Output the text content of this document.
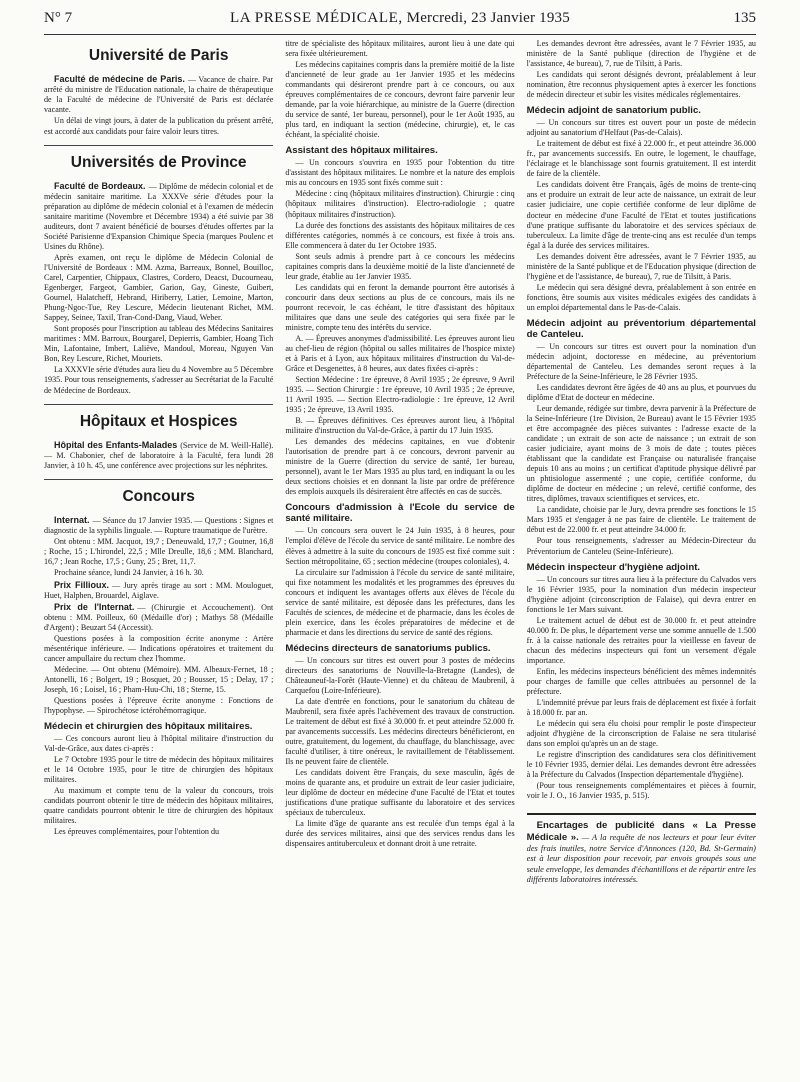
N° 7	LA PRESSE MÉDICALE, Mercredi, 23 Janvier 1935	135
Université de Paris

Faculté de médecine de Paris. — Vacance de chaire. Par arrêté du ministre de l'Education nationale, la chaire de thérapeutique de la Faculté de médecine de l'Université de Paris est déclarée vacante.

Un délai de vingt jours, à dater de la publication du présent arrêté, est accordé aux candidats pour faire valoir leurs titres.

Universités de Province

Faculté de Bordeaux. — Diplôme de médecin colonial et de médecin sanitaire maritime. La XXXVe série d'études pour la préparation au diplôme de médecin colonial et à l'examen de médecin sanitaire maritime (Novembre et Décembre 1934) a été suivie par 38 auditeurs, dont 7 avaient bénéficié de bourses d'études offertes par la Société Parisienne d'Expansion Chimique Specia (marques Poulenc et Usines du Rhône).

Après examen, ont reçu le diplôme de Médecin Colonial de l'Université de Bordeaux : MM. Azma, Barreaux, Bonnel, Bouilloc, Carel, Carpentier, Chippaux, Clastres, Cordero, Deacst, Ducourneau, Egenberger, Fargeot, Gambier, Garion, Gay, Gineste, Guibert, Gournel, Halatcheff, Hebrand, Hiriberry, Latier, Lemoine, Marton, Phung-Ngoc-Tue, Rey Lescure, Médecin lieutenant Richet, MM. Sappey, Seinee, Taxil, Tran-Cond-Dang, Viaud, Weber.

Sont proposés pour l'inscription au tableau des Médecins Sanitaires maritimes : MM. Barroux, Bourgarel, Depierris, Gambier, Hoang Tich Min, Lafontaine, Imbert, Laliève, Mandoul, Moreau, Nguyen Van Bon, Rey Lescure, Richet, Mouriets.

La XXXVIe série d'études aura lieu du 4 Novembre au 5 Décembre 1935. Pour tous renseignements, s'adresser au Secrétariat de la Faculté de Médecine de Bordeaux.

Hôpitaux et Hospices

Hôpital des Enfants-Malades (Service de M. Weill-Hallé). — M. Chabonier, chef de laboratoire à la Faculté, fera lundi 28 Janvier, à 10 h. 45, une conférence avec projections sur les néphrites.

Concours

Internat. — Séance du 17 Janvier 1935. — Questions : Signes et diagnostic de la syphilis linguale. — Rupture traumatique de l'urètre.

Ont obtenu : MM. Jacquot, 19,7 ; Deneuwald, 17,7 ; Goutner, 16,8 ; Roche, 15 ; L'hirondel, 22,5 ; Mlle Dreulle, 18,6 ; MM. Blanchard, 16,7 ; Jean Roche, 17,5 ; Guny, 25 ; Bret, 11,7.

Prochaine séance, lundi 24 Janvier, à 16 h. 30.

Prix Fillioux. — Jury après tirage au sort : MM. Mouloguet, Huet, Halphen, Brouardel, Aiglave.

Prix de l'Internat. — (Chirurgie et Accouchement). Ont obtenu : MM. Poilleux, 60 (Médaille d'or) ; Mathys 58 (Médaille d'Argent) ; Beuzart 54 (Accessit).

Questions posées à la composition écrite anonyme : Artère mésentérique inférieure. — Indications opératoires et traitement du cancer ampullaire du rectum chez l'homme.

Médecine. — Ont obtenu (Mémoire). MM. Albeaux-Fernet, 18 ; Antonelli, 16 ; Bolgert, 19 ; Bosquet, 20 ; Bousser, 15 ; Delay, 17 ; Joseph, 16 ; Loisel, 16 ; Pham-Huu-Chi, 18 ; Sterne, 15.

Questions posées à l'épreuve écrite anonyme : Fonctions de l'hypophyse. — Spirochétose ictérohémorragique.

Médecin et chirurgien des hôpitaux militaires.

— Ces concours auront lieu à l'hôpital militaire d'instruction du Val-de-Grâce, aux dates ci-après :

Le 7 Octobre 1935 pour le titre de médecin des hôpitaux militaires et le 14 Octobre 1935, pour le titre de chirurgien des hôpitaux militaires.

Au maximum et compte tenu de la valeur du concours, trois candidats pourront obtenir le titre de médecin des hôpitaux militaires, quatre candidats pourront obtenir le titre de chirurgien des hôpitaux militaires.

Les épreuves complémentaires, pour l'obtention du

titre de spécialiste des hôpitaux militaires, auront lieu à une date qui sera fixée ultérieurement.

Les médecins capitaines compris dans la première moitié de la liste d'ancienneté de leur grade au 1er Janvier 1935 et les médecins commandants qui désireront prendre part à ce concours, ou aux épreuves complémentaires de ce concours, devront faire parvenir leur demande, par la voie hiérarchique, au ministre de la Guerre (direction du service de santé, 1er bureau, personnel), pour le 1er Août 1935, au plus tard, en indiquant la section (médecine, chirurgie), et, le cas échéant, la spécialité choisie.

Assistant des hôpitaux militaires.

— Un concours s'ouvrira en 1935 pour l'obtention du titre d'assistant des hôpitaux militaires. Le nombre et la nature des emplois mis au concours en 1935 sont fixés comme suit :

Médecine : cinq (hôpitaux militaires d'instruction). Chirurgie : cinq (hôpitaux militaires d'instruction). Electro-radiologie ; quatre (hôpitaux militaires d'instruction).

La durée des fonctions des assistants des hôpitaux militaires de ces différentes catégories, nommés à ce concours, est fixée à trois ans. Elle commencera à dater du 1er Octobre 1935.

Sont seuls admis à prendre part à ce concours les médecins capitaines compris dans la deuxième moitié de la liste d'ancienneté de leur grade, établie au 1er Janvier 1935.

Les candidats qui en feront la demande pourront être autorisés à concourir dans deux sections au plus de ce concours, mais ils ne pourront recevoir, le cas échéant, le titre d'assistant des hôpitaux militaires que dans une seule des catégories qui sera fixée par le ministre, compte tenu des intérêts du service.

A. — Épreuves anonymes d'admissibilité. Les épreuves auront lieu au chef-lieu de région (hôpital ou salles militaires de l'hospice mixte) et à Paris et à Lyon, aux hôpitaux militaires d'instruction du Val-de-Grâce et Desgenettes, à 8 heures, aux dates fixées ci-après :

Section Médecine : 1re épreuve, 8 Avril 1935 ; 2e épreuve, 9 Avril 1935. — Section Chirurgie : 1re épreuve, 10 Avril 1935 ; 2e épreuve, 11 Avril 1935. — Section Electro-radiologie : 1re épreuve, 12 Avril 1935 ; 2e épreuve, 13 Avril 1935.

B. — Épreuves définitives. Ces épreuves auront lieu, à l'hôpital militaire d'instruction du Val-de-Grâce, à partir du 17 Juin 1935.

Les demandes des médecins capitaines, en vue d'obtenir l'autorisation de prendre part à ce concours, devront parvenir au ministre de la Guerre (direction du service de santé, 1er bureau, personnel), avant le 1er Mars 1935 au plus tard, en indiquant la ou les deux sections choisies et en donnant la liste par ordre de préférence des emplois auxquels ils désireraient être affectés en cas de succès.

Concours d'admission à l'Ecole du service de santé militaire.

— Un concours sera ouvert le 24 Juin 1935, à 8 heures, pour l'emploi d'élève de l'école du service de santé militaire. Le nombre des élèves à admettre à la suite du concours de 1935 est fixé comme suit : Section métropolitaine, 65 ; section médecine (troupes coloniales), 4.

La circulaire sur l'admission à l'école du service de santé militaire, qui fixe notamment les modalités et les programmes des épreuves du concours et indiquent les avantages offerts aux élèves de l'école du service de santé militaire, est déposée dans les préfectures, dans les Facultés de sciences, de médecine et de pharmacie, dans les écoles de plein exercice, dans les écoles préparatoires de médecine et de pharmacie et dans les directions du service de santé des régions.

Médecins directeurs de sanatoriums publics.

— Un concours sur titres est ouvert pour 3 postes de médecins directeurs des sanatoriums de Nouville-la-Bretagne (Landes), de Châteauneuf-la-Forêt (Haute-Vienne) et du château de Maubrenil, à Carquefou (Loire-Inférieure).

La date d'entrée en fonctions, pour le sanatorium du château de Maubrenil, sera fixée après l'achèvement des travaux de construction. Le traitement de début est fixé à 30.000 fr. et peut atteindre 52.000 fr. par avancements successifs. Les médecins directeurs bénéficieront, en outre, gratuitement, du logement, du chauffage, du blanchissage, avec faculté d'utiliser, à titre onéreux, le ravitaillement de l'établissement. Ils ne peuvent faire de clientèle.

Les candidats doivent être Français, du sexe masculin, âgés de moins de quarante ans, et produire un extrait de leur casier judiciaire, leur diplôme de docteur en médecine d'une Faculté de l'Etat et toutes justifications d'une pratique suffisante du laboratoire et des services spéciaux de tuberculeux.

La limite d'âge de quarante ans est reculée d'un temps égal à la durée des services militaires, ainsi que des services rendus dans les dispensaires antituberculeux et donnant droit à une retraite.

Les demandes devront être adressées, avant le 7 Février 1935, au ministère de la Santé publique (direction de l'hygiène et de l'assistance, 4e bureau), 7, rue de Tilsitt, à Paris.

Les candidats qui seront désignés devront, préalablement à leur nomination, être reconnus physiquement aptes à exercer les fonctions de médecin directeur et subir les visites médicales réglementaires.

Médecin adjoint de sanatorium public.

— Un concours sur titres est ouvert pour un poste de médecin adjoint au sanatorium d'Helfaut (Pas-de-Calais).

Le traitement de début est fixé à 22.000 fr., et peut atteindre 36.000 fr., par avancements successifs. En outre, le logement, le chauffage, l'éclairage et le blanchissage sont fournis gratuitement. Il est interdit de faire de la clientèle.

Les candidats doivent être Français, âgés de moins de trente-cinq ans et produire un extrait de leur acte de naissance, un extrait de leur casier judiciaire, une copie certifiée conforme de leur diplôme de docteur en médecine d'une Faculté de l'Etat et toutes justifications d'une pratique suffisante du laboratoire et des services spéciaux de tuberculeux. La limite d'âge de trente-cinq ans est reculée d'un temps égal à la durée des services militaires.

Les demandes doivent être adressées, avant le 7 Février 1935, au ministère de la Santé publique et de l'Education physique (direction de l'hygiène et de l'assistance, 4e bureau), 7, rue de Tilsitt, à Paris.

Le médecin qui sera désigné devra, préalablement à son entrée en fonctions, être soumis aux visites médicales exigées des candidats à un emploi départemental dans le Pas-de-Calais.

Médecin adjoint au préventorium départemental de Canteleu.

— Un concours sur titres est ouvert pour la nomination d'un médecin adjoint, doctoresse en médecine, au préventorium départemental de Canteleu. Les demandes seront reçues à la Préfecture de la Seine-Inférieure, le 28 Février 1935.

Les candidates devront être âgées de 40 ans au plus, et pourvues du diplôme d'Etat de docteur en médecine.

Leur demande, rédigée sur timbre, devra parvenir à la Préfecture de la Seine-Inférieure (1re Division, 2e Bureau) avant le 15 Février 1935 et être accompagnée des pièces suivantes : l'adresse exacte de la candidate ; un extrait de son acte de naissance ; un extrait de son casier judiciaire, ayant moins de 3 mois de date ; toutes pièces établissant que la candidate est Française ou naturalisée française depuis 10 ans au moins ; un certificat d'aptitude physique délivré par un phtisiologue assermenté ; une copie, certifiée conforme, du diplôme de docteur en médecine ; un relevé, certifié conforme, des titres, diplômes, travaux scientifiques et services, etc.

La candidate, choisie par le Jury, devra prendre ses fonctions le 15 Mars 1935 et s'engager à ne pas faire de clientèle. Le traitement de début est de 22.000 fr. et peut atteindre 34.000 fr.

Pour tous renseignements, s'adresser au Médecin-Directeur du Préventorium de Canteleu (Seine-Inférieure).

Médecin inspecteur d'hygiène adjoint.

— Un concours sur titres aura lieu à la préfecture du Calvados vers le 16 Février 1935, pour la nomination d'un médecin inspecteur d'hygiène adjoint (circonscription de Falaise), qui devra entrer en fonctions le 1er Mars suivant.

Le traitement actuel de début est de 30.000 fr. et peut atteindre 40.000 fr. De plus, le département verse une somme annuelle de 1.500 fr. à la caisse nationale des retraites pour la vieillesse en faveur de chacun des médecins inspecteurs qui font un versement d'égale importance.

Enfin, les médecins inspecteurs bénéficient des mêmes indemnités pour charges de famille que celles attribuées au personnel de la préfecture.

L'indemnité prévue par leurs frais de déplacement est fixée à forfait à 18.000 fr. par an.

Le médecin qui sera élu choisi pour remplir le poste d'inspecteur adjoint d'hygiène de la circonscription de Falaise ne sera titularisé dans son emploi qu'après un an de stage.

Le registre d'inscription des candidatures sera clos définitivement le 10 Février 1935, dernier délai. Les demandes devront être adressées à la Préfecture du Calvados (Inspection départementale d'hygiène).

(Pour tous renseignements complémentaires et pièces à fournir, voir le J. O., 16 Janvier 1935, p. 515).

Encartages de publicité dans « La Presse Médicale ». — A la requête de nos lecteurs et pour leur éviter des frais inutiles, notre Service d'Annonces (120, Bd. St-Germain) est à leur disposition pour recevoir, par envois groupés sous une seule enveloppe, les demandes d'échantillons et de répartir entre les différents laboratoires intéressés.
